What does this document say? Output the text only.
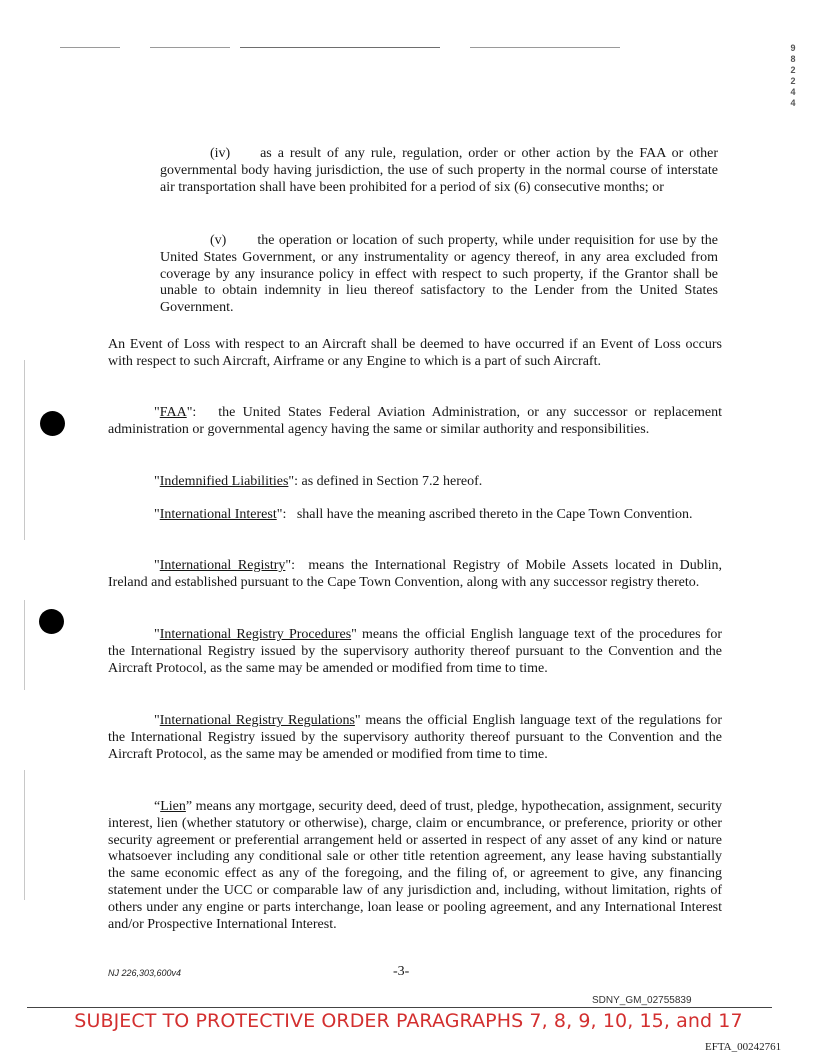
9
8
2
2
4
4

(iv) as a result of any rule, regulation, order or other action by the FAA or other governmental body having jurisdiction, the use of such property in the normal course of interstate air transportation shall have been prohibited for a period of six (6) consecutive months; or

(v) the operation or location of such property, while under requisition for use by the United States Government, or any instrumentality or agency thereof, in any area excluded from coverage by any insurance policy in effect with respect to such property, if the Grantor shall be unable to obtain indemnity in lieu thereof satisfactory to the Lender from the United States Government.

An Event of Loss with respect to an Aircraft shall be deemed to have occurred if an Event of Loss occurs with respect to such Aircraft, Airframe or any Engine to which is a part of such Aircraft.

"FAA": the United States Federal Aviation Administration, or any successor or replacement administration or governmental agency having the same or similar authority and responsibilities.

"Indemnified Liabilities": as defined in Section 7.2 hereof.

"International Interest": shall have the meaning ascribed thereto in the Cape Town Convention.

"International Registry": means the International Registry of Mobile Assets located in Dublin, Ireland and established pursuant to the Cape Town Convention, along with any successor registry thereto.

"International Registry Procedures" means the official English language text of the procedures for the International Registry issued by the supervisory authority thereof pursuant to the Convention and the Aircraft Protocol, as the same may be amended or modified from time to time.

"International Registry Regulations" means the official English language text of the regulations for the International Registry issued by the supervisory authority thereof pursuant to the Convention and the Aircraft Protocol, as the same may be amended or modified from time to time.

“Lien” means any mortgage, security deed, deed of trust, pledge, hypothecation, assignment, security interest, lien (whether statutory or otherwise), charge, claim or encumbrance, or preference, priority or other security agreement or preferential arrangement held or asserted in respect of any asset of any kind or nature whatsoever including any conditional sale or other title retention agreement, any lease having substantially the same economic effect as any of the foregoing, and the filing of, or agreement to give, any financing statement under the UCC or comparable law of any jurisdiction and, including, without limitation, rights of others under any engine or parts interchange, loan lease or pooling agreement, and any International Interest and/or Prospective International Interest.

NJ 226,303,600v4	-3-
SDNY_GM_02755839
SUBJECT TO PROTECTIVE ORDER PARAGRAPHS 7, 8, 9, 10, 15, and 17
EFTA_00242761
